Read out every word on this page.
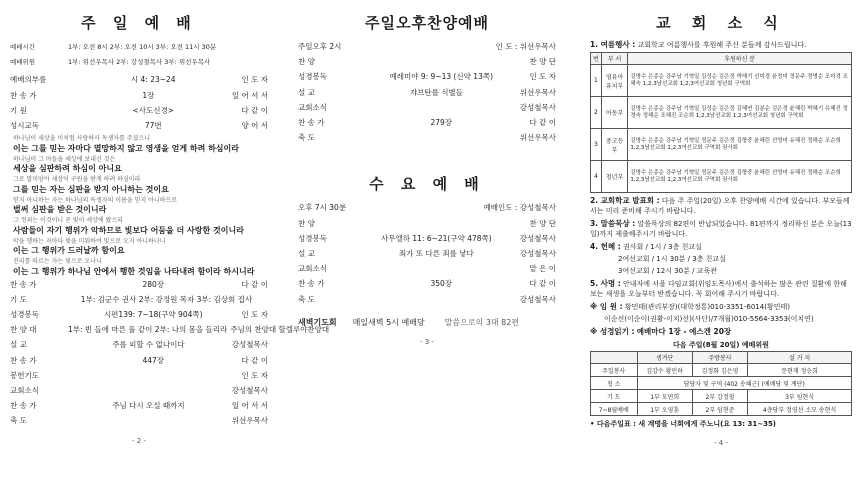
주 일 예 배
예배시간	1부: 오전 8시 2부: 오전 10시 3부: 오전 11시 30분
예배위원	1부: 위선우목사 2부: 강성철목사 3부: 위선우목사
예배의부름	시 4: 23~24	인 도 자
찬 송 가	1장	일 어 서 서
기 원	<사도신경>	다 같 이
성시교독	77번	양 어 서
하나님이 세상을 이처럼 사랑하사 독생자를 주셨으니
이는 그를 믿는 자마다 멸망하지 않고 영생을 얻게 하려 하심이라
하나님이 그 아들을 세상에 보내신 것은
세상을 심판하려 하심이 아니요
그로 말미암아 세상이 구원을 받게 하려 하심이라
그를 믿는 자는 심판을 받지 아니하는 것이요
믿지 아니하는 자는 하나님의 독생자의 이름을 믿지 아니하므로
벌써 심판을 받은 것이니라
그 정죄는 이것이니 곧 빛이 세상에 왔으되
사람들이 자기 행위가 악하므로 빛보다 어둠을 더 사랑한 것이니라
악을 행하는 자마다 빛을 미워하여 빛으로 오지 아니하나니
이는 그 행위가 드러날까 함이요
진리를 따르는 자는 빛으로 오나니
이는 그 행위가 하나님 안에서 행한 것임을 나타내려 함이라 하시니라
찬 송 가	280장	다 같 이
기 도	1부: 김군수 권사 2부: 강정원 목자 3부: 김상희 집사
성경봉독	시편139: 7~18(구약 904쪽)	인 도 자
찬 양 대	1부: 빈 들에 마른 풀 같이 2부: 나의 몸을 들리라 주님의 찬양대 할렐루야찬양대
설 교	주를 피할 수 없나이다	강성철목사
찬 송 가	447장	다 같 이
봉헌기도	인 도 자
교회소식	강성철목사
찬 송 가	주님 다시 오실 때까지	일 어 서 서
축 도	위선우목사
- 2 -
주일오후찬양예배
주일오후 2시	인 도 : 위선우목사
찬 양	찬 양 단
성경봉독	예레미야 9: 9~13 (신약 13쪽)	인 도 자
설 교	쟈브탄를 식별들	위선우목사
교회소식	강성철목사
찬 송 가	279장	다 같 이
축 도	위선우목사
수 요 예 배
오후 7시 30분	예배인도 : 강성철목사
찬 양	찬 양 단
성경봉독	사무엘하 11: 6~21(구약 478쪽)	강성철목사
설 교	죄가 또 다른 죄를 낳다	강성철목사
교회소식	맡 은 이
찬 송 가	350장	다 같 이
축 도	강성철목사
새벽기도회 매일새벽 5시 예배당	말씀으로의 3대 82편
- 3 -
교 회 소 식
1. 여름행사 : 교회학교 여름행사를 후원해 주신 분들께 감사드립니다.
번	부 서	후원하신 분
1	영유아유치부	김명수 은종순 강주남 기혁일 김성순 김은정 박해기 선미경 윤정미 정문주 정명순 조미경 조혜숙 1,2,3남선교회 1,2,3여선교회 청년회 구역회
2	아동부	김명수 은종순 강주남 기혁일 김성순 김은정 김혜연 김분순 김은정 윤혜린 박혜기 유혜진 정경숙 정해순 조혜진 조순희 1,2,3남선교회 1,2,3여선교회 청년회 구역회
3	중고등부	김명수 은종순 강주남 기혁일 정문주 김은정 김형중 윤혜린 선영미 유혜진 정해순 조순희 1,2,3남선교회 1,2,3여선교회 구역회 권사회
4	청년부	김명수 은종순 강주남 기혁일 정문주 김은정 김형중 윤혜린 선영미 유혜진 정해순 조순희 1,2,3남선교회 1,2,3여선교회 구역회 권사회
2. 교회학교 발표회 : 다음 주 주일(20일) 오후 찬양예배 시간에 있습니다. 부모들께서는 미리 준비해 주시기 바랍니다.
3. 말씀묵상 : 말씀묵상의 82편이 반납되었습니다. 81편까지 정리하신 분은 오늘(13일)까지 제출해주시기 바랍니다.
4. 헌혜 : 권사회 / 1시 / 3층 친교실
2여선교회 / 1시 30분 / 3층 친교실
3여선교회 / 12시 30분 / 교육관
5. 사명 : 안내자에 서을 다임교회(위임도목사)에서 출석하는 많은 관련 질환에 한해보는 새생을 오늘부터 받겠습니다. 꼭 회어해 주시기 바랍니다.
※ 임 원 : 황민태(관리부장)(대학정통)010-3351-6014(황민태)
이순선(이순이(권활-이치)선)(사단)/7개월)010-5564-3353(이치연)
※ 성경읽기 : 예배마다 1장 - 에스겐 20장
다음 주일(8월 20일) 예배위원
	생겨단	주방봉사	설 거 지
주일봉사	김강수 황민하	김정화 김은영	문현재 정승희
청 소	담당자 및 구역 (402 송혜근) (예배당 및 계단)		
기 도	1부 모연희	2부 강정철	3부 임현식
7~8월예배	1부 오영훈	2부 임현준	4층당부 정영선 소모 송현식
• 다음주일표 : 새 계명을 너희에게 주노니(요 13: 31~35)
- 4 -
